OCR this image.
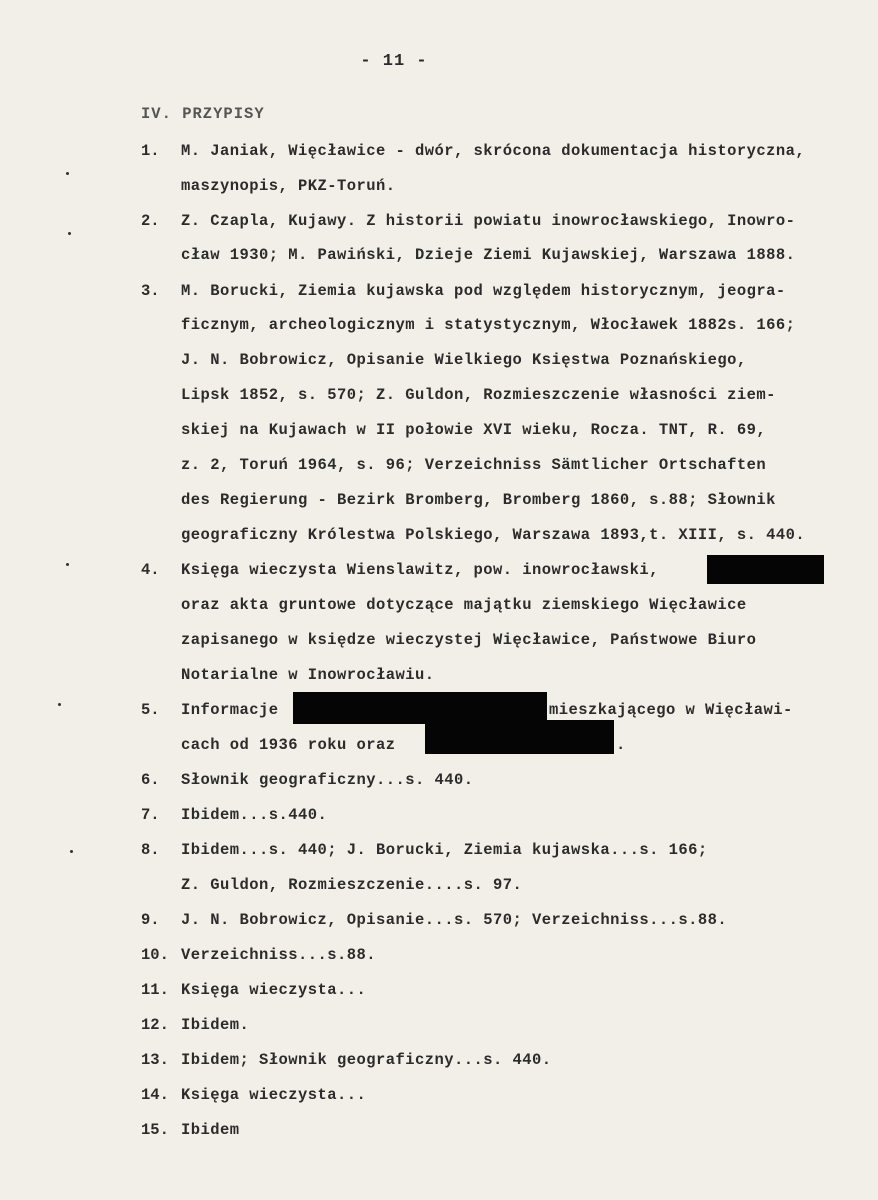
- 11 -
IV. PRZYPISY
1. M. Janiak, Więcławice - dwór, skrócona dokumentacja historyczna,
maszynopis, PKZ-Toruń.
2. Z. Czapla, Kujawy. Z historii powiatu inowrocławskiego, Inowro-
cław 1930; M. Pawiński, Dzieje Ziemi Kujawskiej, Warszawa 1888.
3. M. Borucki, Ziemia kujawska pod względem historycznym, jeogra-
ficznym, archeologicznym i statystycznym, Włocławek 1882s. 166;
J. N. Bobrowicz, Opisanie Wielkiego Księstwa Poznańskiego,
Lipsk 1852, s. 570; Z. Guldon, Rozmieszczenie własności ziem-
skiej na Kujawach w II połowie XVI wieku, Rocza. TNT, R. 69,
z. 2, Toruń 1964, s. 96; Verzeichniss Sämtlicher Ortschaften
des Regierung - Bezirk Bromberg, Bromberg 1860, s.88; Słownik
geograficzny Królestwa Polskiego, Warszawa 1893,t. XIII, s. 440.
4. Księga wieczysta Wienslawitz, pow. inowrocławski,
oraz akta gruntowe dotyczące majątku ziemskiego Więcławice
zapisanego w księdze wieczystej Więcławice, Państwowe Biuro
Notarialne w Inowrocławiu.
5. Informacje	mieszkającego w Więcławi-
cach od 1936 roku oraz	.
6. Słownik geograficzny...s. 440.
7. Ibidem...s.440.
8. Ibidem...s. 440; J. Borucki, Ziemia kujawska...s. 166;
Z. Guldon, Rozmieszczenie....s. 97.
9. J. N. Bobrowicz, Opisanie...s. 570; Verzeichniss...s.88.
10. Verzeichniss...s.88.
11. Księga wieczysta...
12. Ibidem.
13. Ibidem; Słownik geograficzny...s. 440.
14. Księga wieczysta...
15. Ibidem
